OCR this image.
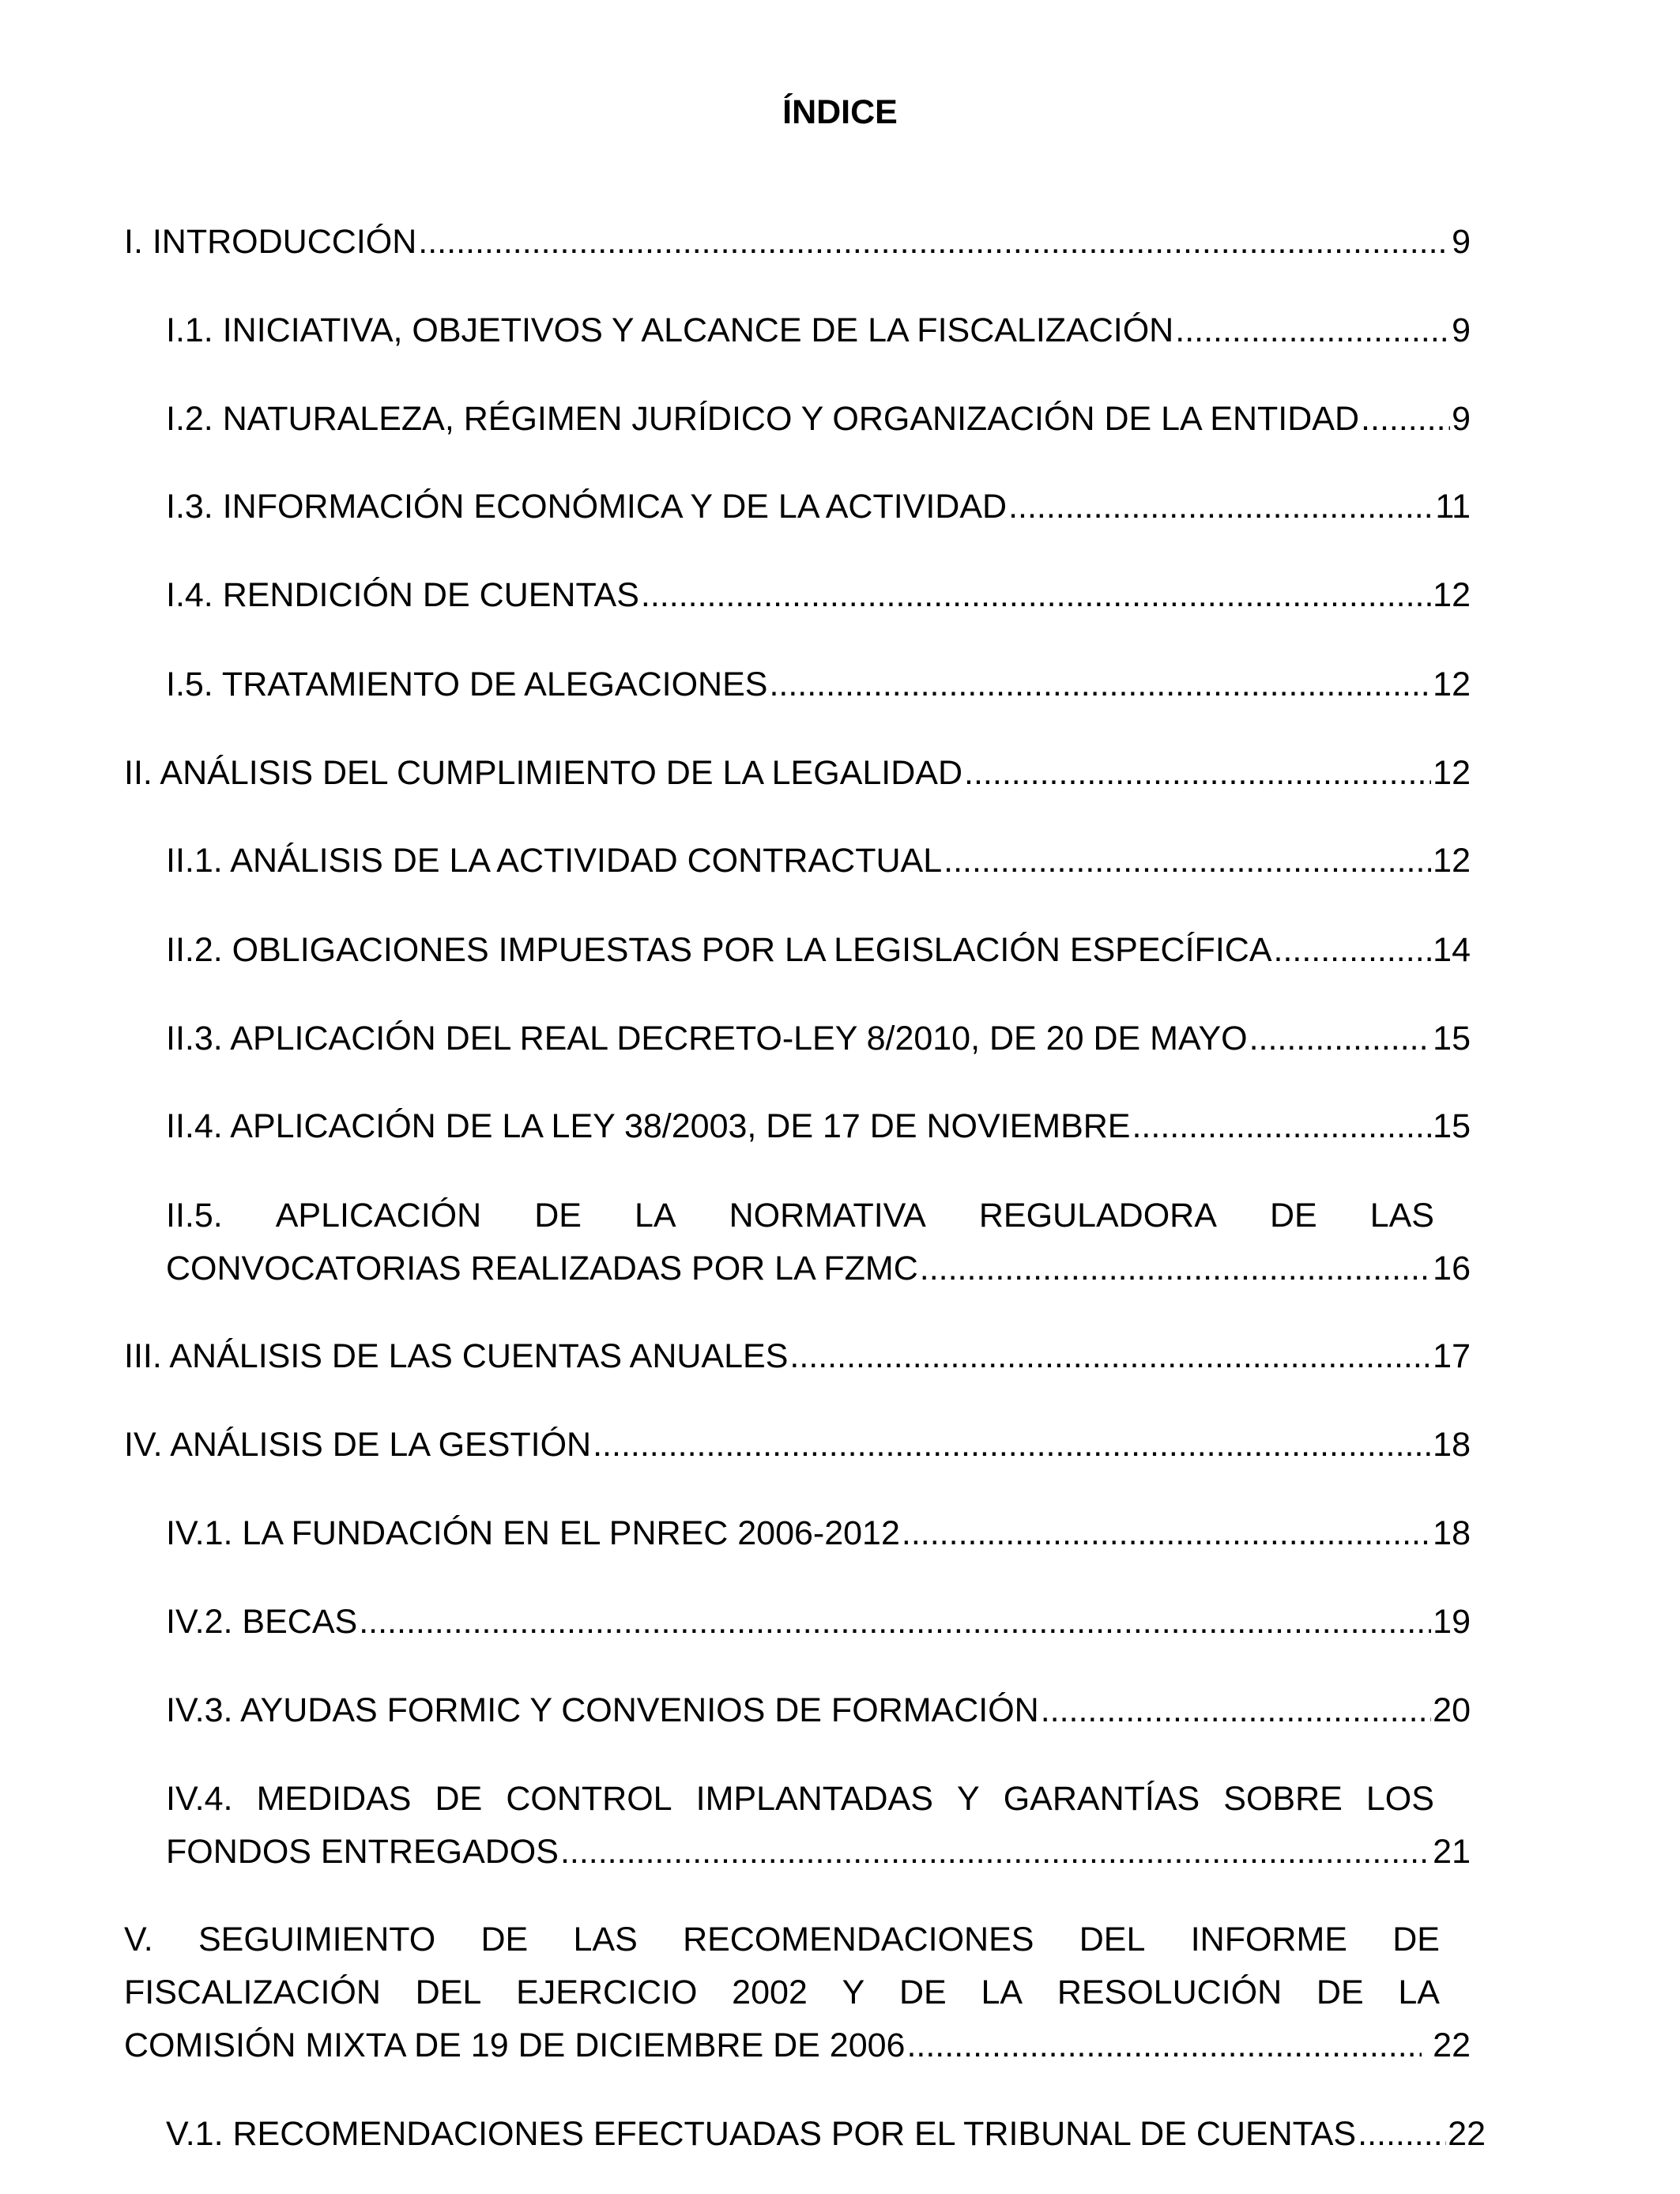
ÍNDICE
I. INTRODUCCIÓN .....	9
I.1. INICIATIVA, OBJETIVOS Y ALCANCE DE LA FISCALIZACIÓN .....	9
I.2. NATURALEZA, RÉGIMEN JURÍDICO Y ORGANIZACIÓN DE LA ENTIDAD .....	9
I.3. INFORMACIÓN ECONÓMICA Y DE LA ACTIVIDAD .....	11
I.4. RENDICIÓN DE CUENTAS .....	12
I.5. TRATAMIENTO DE ALEGACIONES .....	12
II. ANÁLISIS DEL CUMPLIMIENTO DE LA LEGALIDAD .....	12
II.1. ANÁLISIS DE LA ACTIVIDAD CONTRACTUAL .....	12
II.2. OBLIGACIONES IMPUESTAS POR LA LEGISLACIÓN ESPECÍFICA .....	14
II.3. APLICACIÓN DEL REAL DECRETO-LEY 8/2010, DE 20 DE MAYO .....	15
II.4. APLICACIÓN DE LA LEY 38/2003, DE 17 DE NOVIEMBRE .....	15
II.5. APLICACIÓN DE LA NORMATIVA REGULADORA DE LAS
CONVOCATORIAS REALIZADAS POR LA FZMC .....	16
III. ANÁLISIS DE LAS CUENTAS ANUALES .....	17
IV. ANÁLISIS DE LA GESTIÓN .....	18
IV.1. LA FUNDACIÓN EN EL PNREC 2006-2012 .....	18
IV.2. BECAS .....	19
IV.3. AYUDAS FORMIC Y CONVENIOS DE FORMACIÓN .....	20
IV.4. MEDIDAS DE CONTROL IMPLANTADAS Y GARANTÍAS SOBRE LOS
FONDOS ENTREGADOS .....	21
V. SEGUIMIENTO DE LAS RECOMENDACIONES DEL INFORME DE
FISCALIZACIÓN DEL EJERCICIO 2002 Y DE LA RESOLUCIÓN DE LA
COMISIÓN MIXTA DE 19 DE DICIEMBRE DE 2006 .....	22
V.1. RECOMENDACIONES EFECTUADAS POR EL TRIBUNAL DE CUENTAS .....	22
